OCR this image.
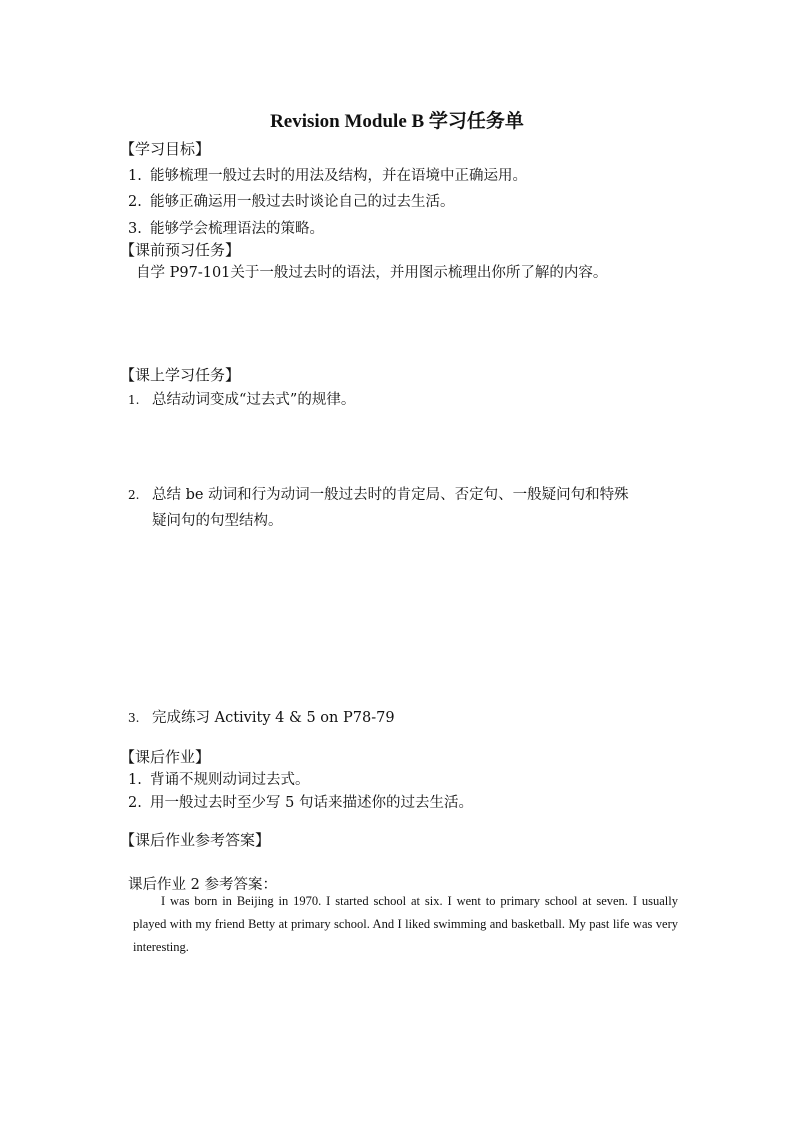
Revision Module B 学习任务单
【学习目标】
1. 能够梳理一般过去时的用法及结构，并在语境中正确运用。
2. 能够正确运用一般过去时谈论自己的过去生活。
3. 能够学会梳理语法的策略。
【课前预习任务】
自学 P97-101关于一般过去时的语法，并用图示梳理出你所了解的内容。
【课上学习任务】
1. 总结动词变成“过去式”的规律。
2. 总结 be 动词和行为动词一般过去时的肯定局、否定句、一般疑问句和特殊
疑问句的句型结构。
3. 完成练习 Activity 4 & 5 on P78-79
【课后作业】
1. 背诵不规则动词过去式。
2. 用一般过去时至少写 5 句话来描述你的过去生活。
【课后作业参考答案】
课后作业 2 参考答案：
I was born in Beijing in 1970. I started school at six. I went to primary school at seven. I usually played with my friend Betty at primary school. And I liked swimming and basketball. My past life was very interesting.
